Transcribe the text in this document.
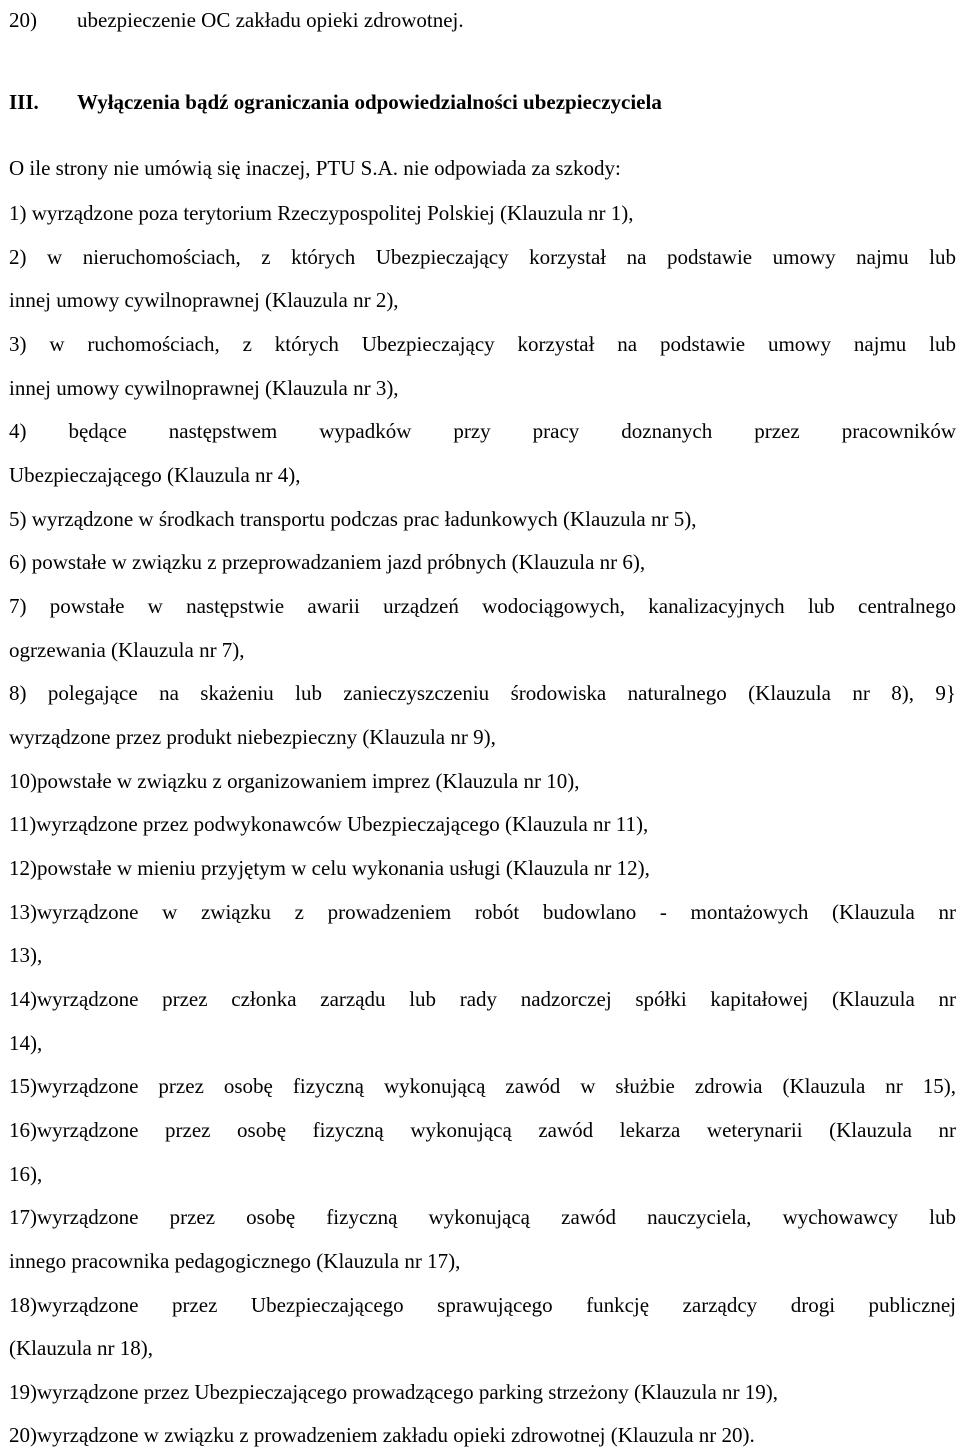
20) ubezpieczenie OC zakładu opieki zdrowotnej.
III. Wyłączenia bądź ograniczania odpowiedzialności ubezpieczyciela
O ile strony nie umówią się inaczej, PTU S.A. nie odpowiada za szkody:
1) wyrządzone poza terytorium Rzeczypospolitej Polskiej (Klauzula nr 1),
2) w nieruchomościach, z których Ubezpieczający korzystał na podstawie umowy najmu lub
innej umowy cywilnoprawnej (Klauzula nr 2),
3) w ruchomościach, z których Ubezpieczający korzystał na podstawie umowy najmu lub
innej umowy cywilnoprawnej (Klauzula nr 3),
4) będące następstwem wypadków przy pracy doznanych przez pracowników
Ubezpieczającego (Klauzula nr 4),
5) wyrządzone w środkach transportu podczas prac ładunkowych (Klauzula nr 5),
6) powstałe w związku z przeprowadzaniem jazd próbnych (Klauzula nr 6),
7) powstałe w następstwie awarii urządzeń wodociągowych, kanalizacyjnych lub centralnego
ogrzewania (Klauzula nr 7),
8) polegające na skażeniu lub zanieczyszczeniu środowiska naturalnego (Klauzula nr 8), 9}
wyrządzone przez produkt niebezpieczny (Klauzula nr 9),
10)powstałe w związku z organizowaniem imprez (Klauzula nr 10),
11)wyrządzone przez podwykonawców Ubezpieczającego (Klauzula nr 11),
12)powstałe w mieniu przyjętym w celu wykonania usługi (Klauzula nr 12),
13)wyrządzone w związku z prowadzeniem robót budowlano - montażowych (Klauzula nr
13),
14)wyrządzone przez członka zarządu lub rady nadzorczej spółki kapitałowej (Klauzula nr
14),
15)wyrządzone przez osobę fizyczną wykonującą zawód w służbie zdrowia (Klauzula nr 15),
16)wyrządzone przez osobę fizyczną wykonującą zawód lekarza weterynarii (Klauzula nr
16),
17)wyrządzone przez osobę fizyczną wykonującą zawód nauczyciela, wychowawcy lub
innego pracownika pedagogicznego (Klauzula nr 17),
18)wyrządzone przez Ubezpieczającego sprawującego funkcję zarządcy drogi publicznej
(Klauzula nr 18),
19)wyrządzone przez Ubezpieczającego prowadzącego parking strzeżony (Klauzula nr 19),
20)wyrządzone w związku z prowadzeniem zakładu opieki zdrowotnej (Klauzula nr 20).
